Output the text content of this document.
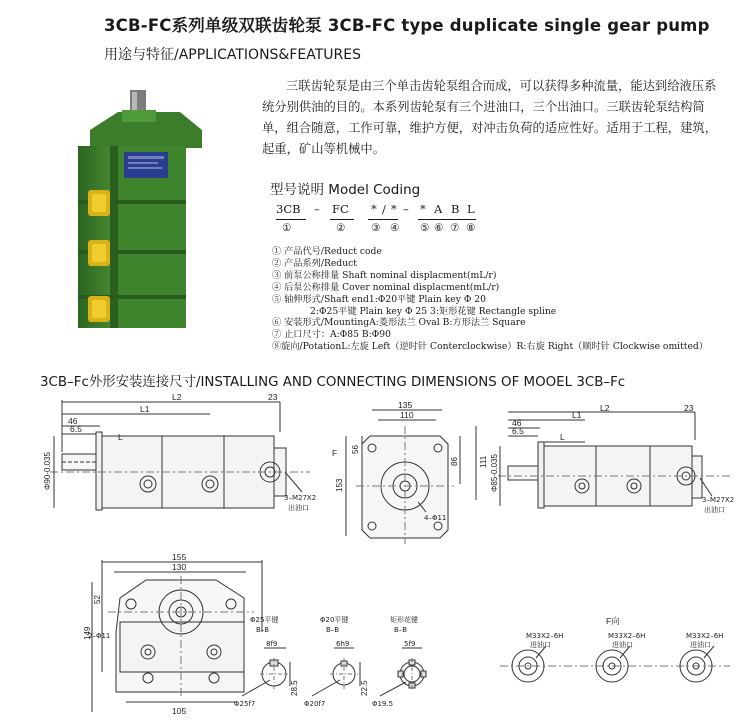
3CB-FC系列单级双联齿轮泵 3CB-FC type duplicate single gear pump
用途与特征/APPLICATIONS&FEATURES

三联齿轮泵是由三个单击齿轮泵组合而成，可以获得多种流量，能达到给液压系统分别供油的目的。本系列齿轮泵有三个进油口，三个出油口。三联齿轮泵结构简单，组合随意，工作可靠，维护方便，对冲击负荷的适应性好。适用于工程，建筑，起重，矿山等机械中。

型号说明 Model Coding
3CB – FC * / * – * A B L
①	② ③ ④ ⑤ ⑥ ⑦ ⑧
① 产品代号/Reduct code
② 产品系列/Reduct
③ 前泵公称排量 Shaft nominal displacment(mL/r)
④ 后泵公称排量 Cover nominal displacment(mL/r)
⑤ 轴伸形式/Shaft end1:Φ20平键 Plain key Φ 20
2:Φ25平键 Plain key Φ 25 3:矩形花键 Rectangle spline
⑥ 安装形式/MountingA:菱形法兰 Oval B:方形法兰 Square
⑦ 止口尺寸：A:Φ85 B:Φ90
⑧旋向/PotationL:左旋 Left（逆时针 Conterclockwise）R:右旋 Right（顺时针 Clockwise omitted）
3CB–Fc外形安装连接尺寸/INSTALLING AND CONNECTING DIMENSIONS OF MOOEL 3CB–Fc
L2
L1
46
6.5
L
23
Φ90-0.035
3–M27X2
出油口
135
110
56
153
86	111
F
4–Φ11
L2
L1
46
6.5
L
23
Φ85-0.035
3–M27X2
出油口
155
130
52
149
105
2–Φ11
Φ25平键
B–B
8f9
28.5
Φ25f7
Φ20平键
B–B
6h9
22.5
Φ20f7
矩形花键
B–B
5f9
Φ19.5
F向
M33X2–6H
进油口
M33X2–6H
进油口
M33X2–6H
进油口
